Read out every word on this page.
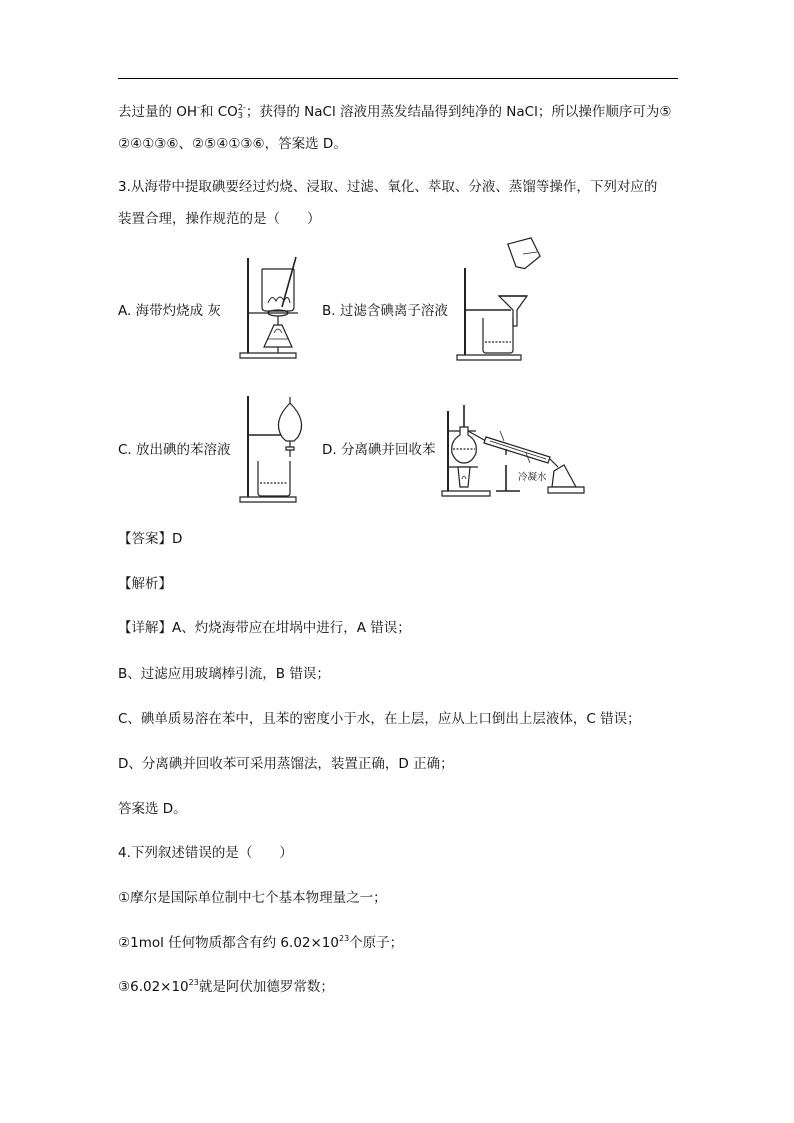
去过量的 OH-和 $CO_3^{2-}$；获得的 NaCl 溶液用蒸发结晶得到纯净的 NaCl；所以操作顺序可为⑤
②④①③⑥、②⑤④①③⑥，答案选 D。
3.从海带中提取碘要经过灼烧、浸取、过滤、氧化、萃取、分液、蒸馏等操作，下列对应的
装置合理，操作规范的是（　　）
A. 海带灼烧成 灰	B. 过滤含碘离子溶液
C. 放出碘的苯溶液	D. 分离碘并回收苯
冷凝水
【答案】D
【解析】
【详解】A、灼烧海带应在坩埚中进行，A 错误；
B、过滤应用玻璃棒引流，B 错误；
C、碘单质易溶在苯中，且苯的密度小于水，在上层，应从上口倒出上层液体，C 错误；
D、分离碘并回收苯可采用蒸馏法，装置正确，D 正确；
答案选 D。
4.下列叙述错误的是（　　）
①摩尔是国际单位制中七个基本物理量之一；
②1mol 任何物质都含有约 $6.02\times 10^{23}$个原子；
$③6.02\times 10^{23}$就是阿伏加德罗常数；
